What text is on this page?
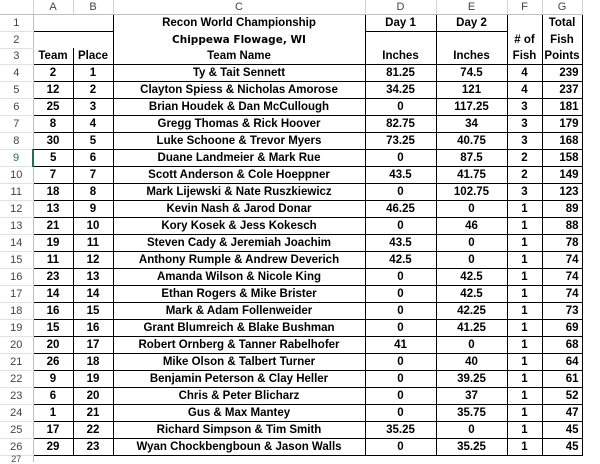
	A	B	C	D	E	F	G
1			Recon World Championship	Day 1	Day 2		Total
2			Chippewa Flowage, WI			# of	Fish
3	Team	Place	Team Name	Inches	Inches	Fish	Points
4	2	1	Ty & Tait Sennett	81.25	74.5	4	239
5	12	2	Clayton Spiess & Nicholas Amorose	34.25	121	4	237
6	25	3	Brian Houdek & Dan McCullough	0	117.25	3	181
7	8	4	Gregg Thomas & Rick Hoover	82.75	34	3	179
8	30	5	Luke Schoone & Trevor Myers	73.25	40.75	3	168
9	5	6	Duane Landmeier & Mark Rue	0	87.5	2	158
10	7	7	Scott Anderson & Cole Hoeppner	43.5	41.75	2	149
11	18	8	Mark Lijewski & Nate Ruszkiewicz	0	102.75	3	123
12	13	9	Kevin Nash & Jarod Donar	46.25	0	1	89
13	21	10	Kory Kosek & Jess Kokesch	0	46	1	88
14	19	11	Steven Cady & Jeremiah Joachim	43.5	0	1	78
15	11	12	Anthony Rumple & Andrew Deverich	42.5	0	1	74
16	23	13	Amanda Wilson & Nicole King	0	42.5	1	74
17	14	14	Ethan Rogers & Mike Brister	0	42.5	1	74
18	16	15	Mark & Adam Follenweider	0	42.25	1	73
19	15	16	Grant Blumreich & Blake Bushman	0	41.25	1	69
20	20	17	Robert Ornberg & Tanner Rabelhofer	41	0	1	68
21	26	18	Mike Olson & Talbert Turner	0	40	1	64
22	9	19	Benjamin Peterson & Clay Heller	0	39.25	1	61
23	6	20	Chris & Peter Blicharz	0	37	1	52
24	1	21	Gus & Max Mantey	0	35.75	1	47
25	17	22	Richard Simpson & Tim Smith	35.25	0	1	45
26	29	23	Wyan Chockbengboun & Jason Walls	0	35.25	1	45
27							
